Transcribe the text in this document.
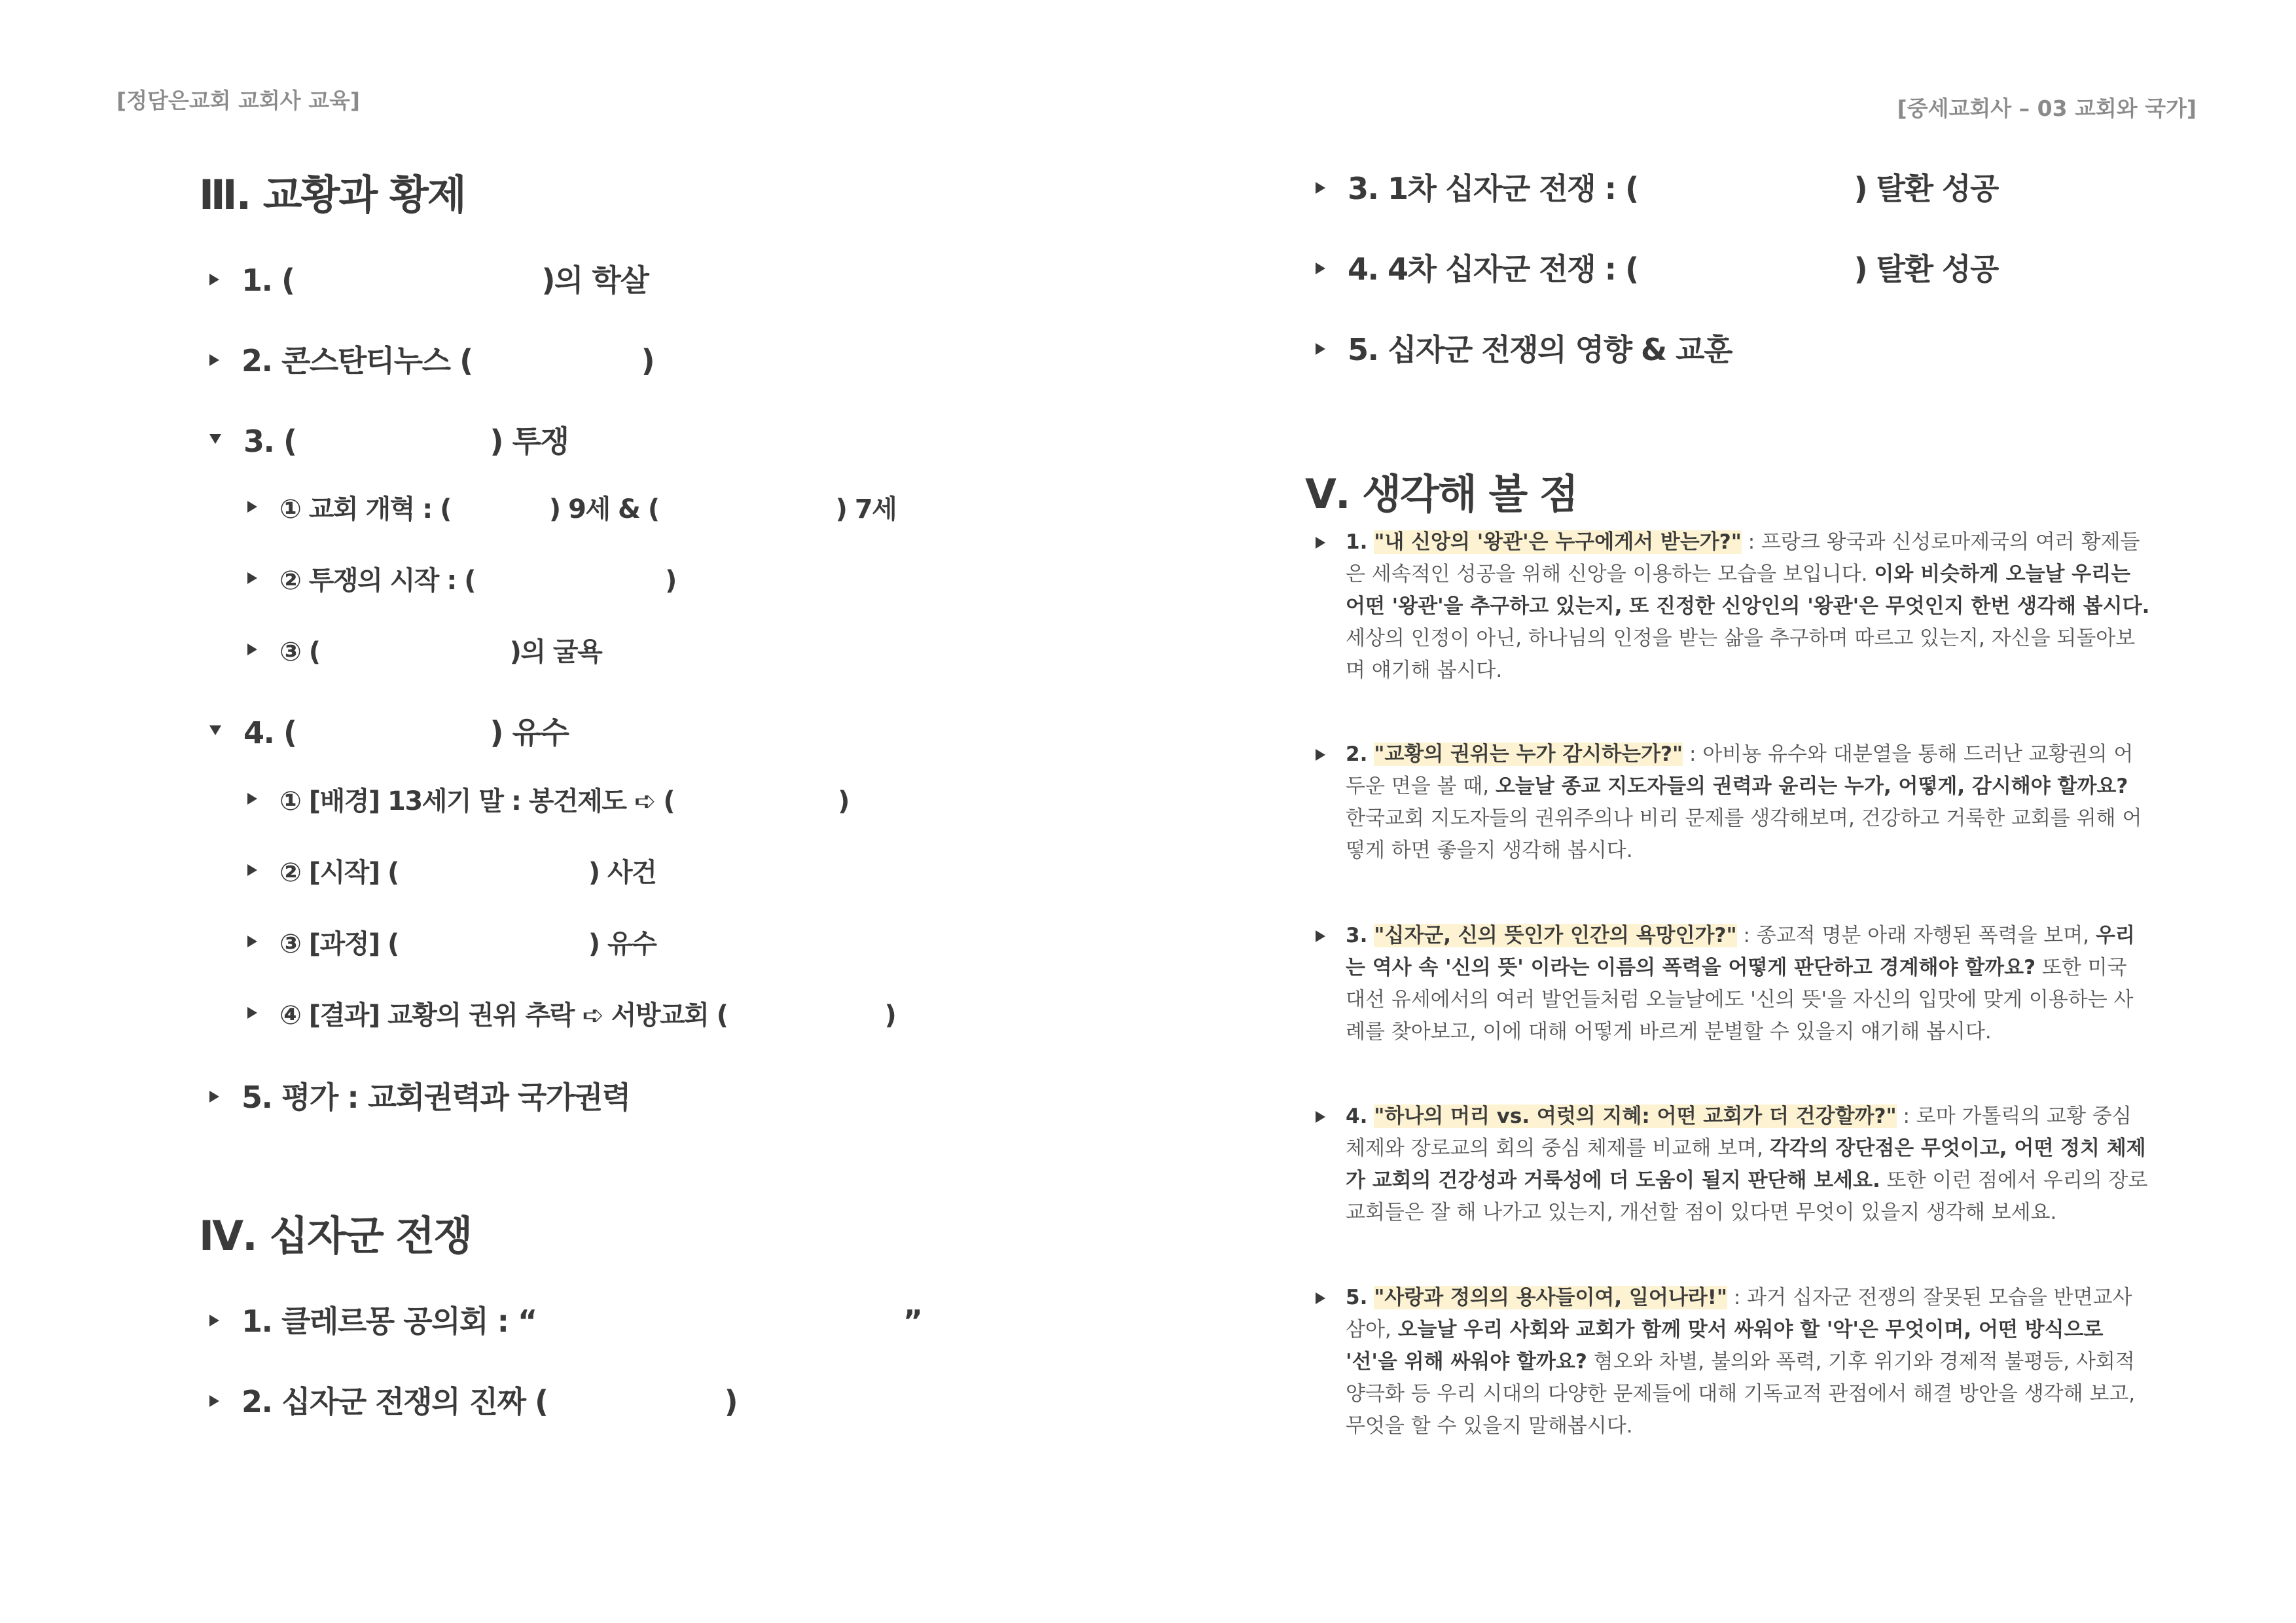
[정담은교회 교회사 교육]	[중세교회사 – 03 교회와 국가]
Ⅲ. 교황과 황제
1. (	)의 학살
2. 콘스탄티누스 (	)
3. (	) 투쟁
① 교회 개혁 : (	) 9세 & (	) 7세
② 투쟁의 시작 : (	)
③ (	)의 굴욕
4. (	) 유수
① [배경] 13세기 말 : 봉건제도 ➪ (	)
② [시작] (	) 사건
③ [과정] (	) 유수
④ [결과] 교황의 권위 추락 ➪ 서방교회 (	)
5. 평가 : 교회권력과 국가권력
Ⅳ. 십자군 전쟁
1. 클레르몽 공의회 : “	”
2. 십자군 전쟁의 진짜 (	)
3. 1차 십자군 전쟁 : (	) 탈환 성공
4. 4차 십자군 전쟁 : (	) 탈환 성공
5. 십자군 전쟁의 영향 & 교훈
Ⅴ. 생각해 볼 점
1. "내 신앙의 '왕관'은 누구에게서 받는가?" : 프랑크 왕국과 신성로마제국의 여러 황제들은 세속적인 성공을 위해 신앙을 이용하는 모습을 보입니다. 이와 비슷하게 오늘날 우리는 어떤 '왕관'을 추구하고 있는지, 또 진정한 신앙인의 '왕관'은 무엇인지 한번 생각해 봅시다. 세상의 인정이 아닌, 하나님의 인정을 받는 삶을 추구하며 따르고 있는지, 자신을 되돌아보며 얘기해 봅시다.
2. "교황의 권위는 누가 감시하는가?" : 아비뇽 유수와 대분열을 통해 드러난 교황권의 어두운 면을 볼 때, 오늘날 종교 지도자들의 권력과 윤리는 누가, 어떻게, 감시해야 할까요? 한국교회 지도자들의 권위주의나 비리 문제를 생각해보며, 건강하고 거룩한 교회를 위해 어떻게 하면 좋을지 생각해 봅시다.
3. "십자군, 신의 뜻인가 인간의 욕망인가?" : 종교적 명분 아래 자행된 폭력을 보며, 우리는 역사 속 '신의 뜻' 이라는 이름의 폭력을 어떻게 판단하고 경계해야 할까요? 또한 미국 대선 유세에서의 여러 발언들처럼 오늘날에도 '신의 뜻'을 자신의 입맛에 맞게 이용하는 사례를 찾아보고, 이에 대해 어떻게 바르게 분별할 수 있을지 얘기해 봅시다.
4. "하나의 머리 vs. 여럿의 지혜: 어떤 교회가 더 건강할까?" : 로마 가톨릭의 교황 중심 체제와 장로교의 회의 중심 체제를 비교해 보며, 각각의 장단점은 무엇이고, 어떤 정치 체제가 교회의 건강성과 거룩성에 더 도움이 될지 판단해 보세요. 또한 이런 점에서 우리의 장로교회들은 잘 해 나가고 있는지, 개선할 점이 있다면 무엇이 있을지 생각해 보세요.
5. "사랑과 정의의 용사들이여, 일어나라!" : 과거 십자군 전쟁의 잘못된 모습을 반면교사 삼아, 오늘날 우리 사회와 교회가 함께 맞서 싸워야 할 '악'은 무엇이며, 어떤 방식으로 '선'을 위해 싸워야 할까요? 혐오와 차별, 불의와 폭력, 기후 위기와 경제적 불평등, 사회적 양극화 등 우리 시대의 다양한 문제들에 대해 기독교적 관점에서 해결 방안을 생각해 보고, 무엇을 할 수 있을지 말해봅시다.
